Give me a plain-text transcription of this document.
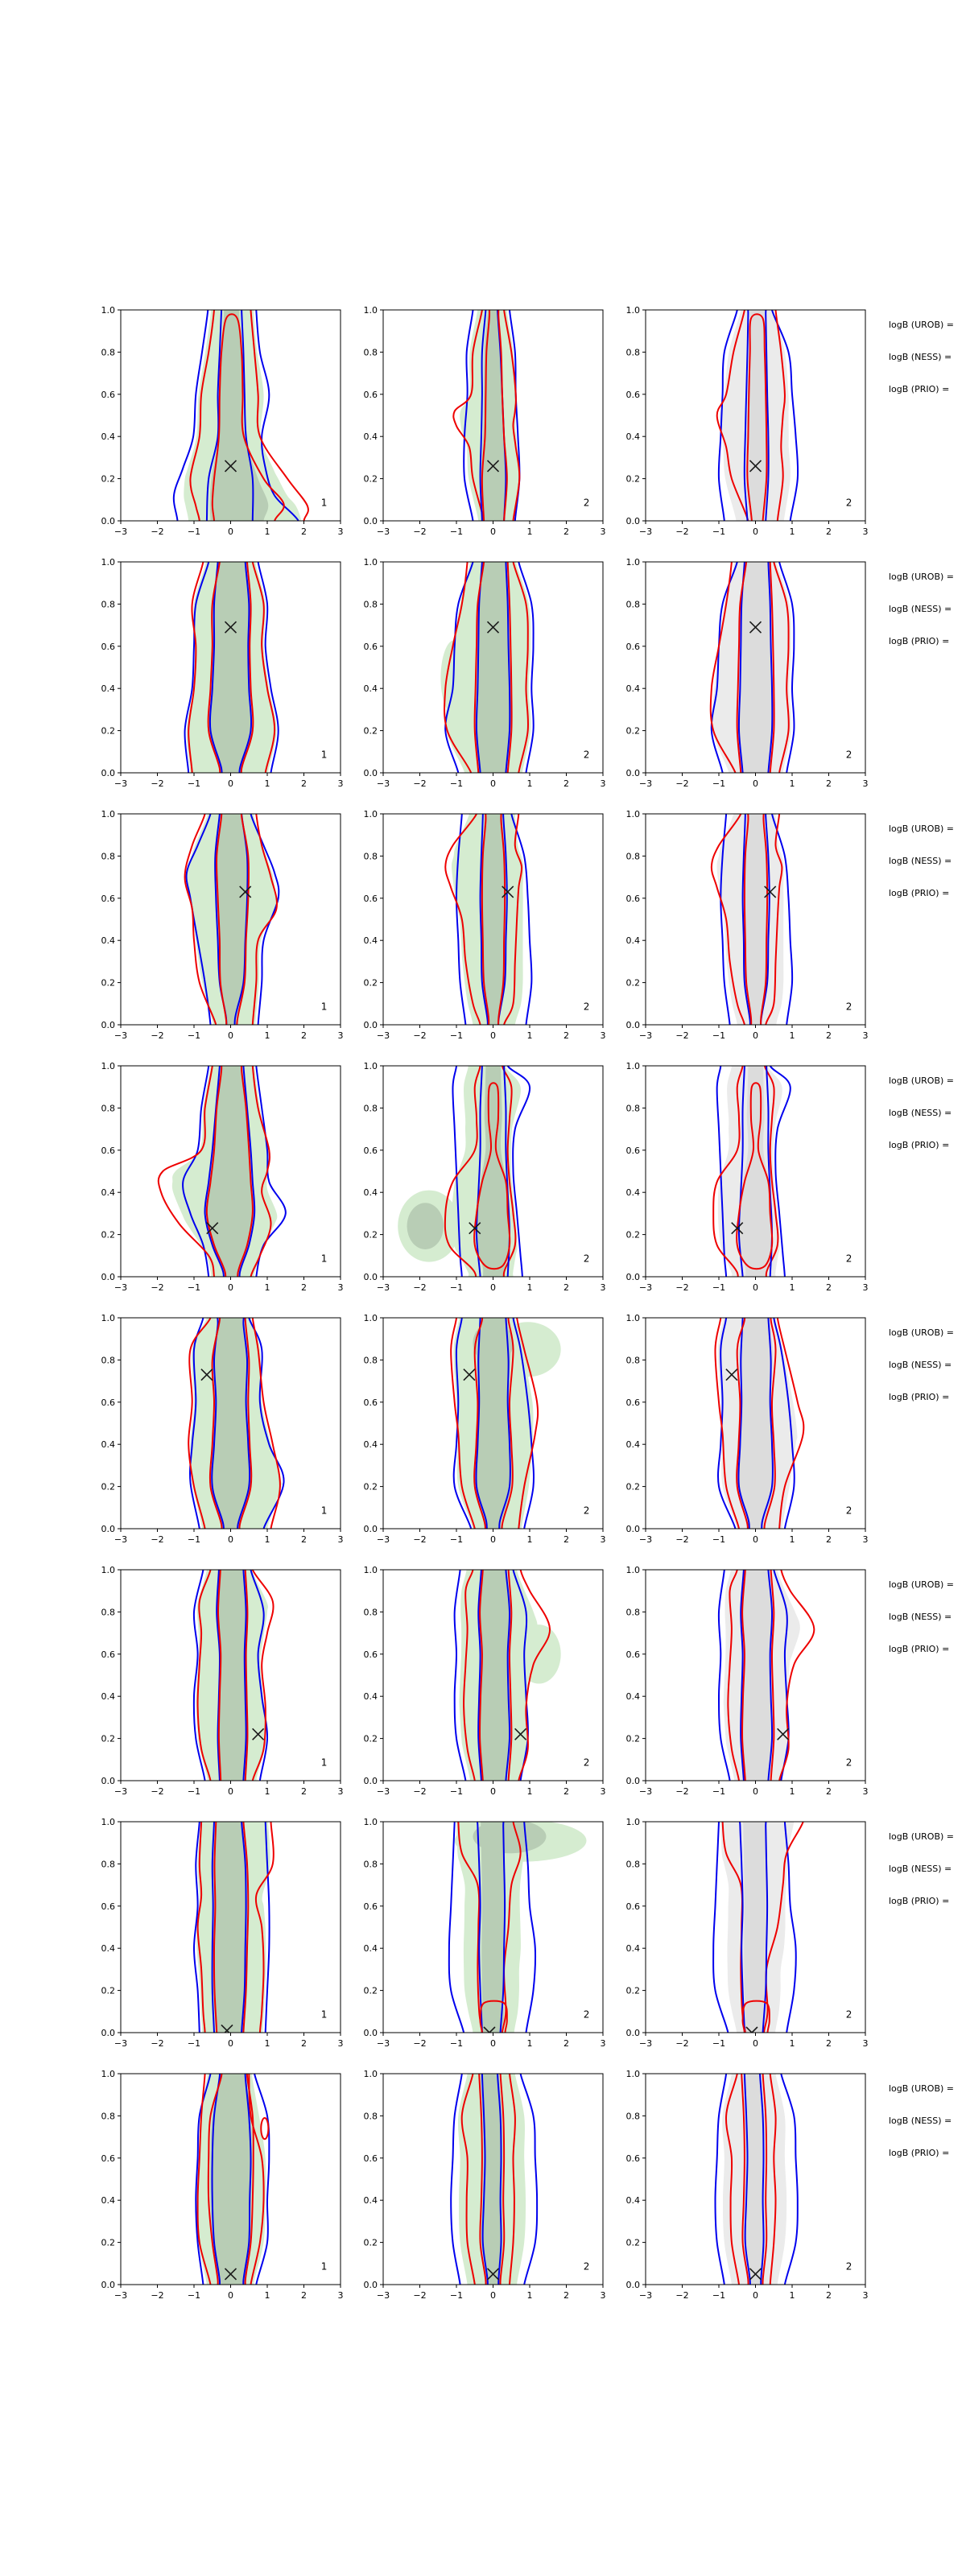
−3	−2	−1	0	1	2	3
0.0
0.2
0.4
0.6
0.8
1.0
1
−3	−2	−1	0	1	2	3
0.0
0.2
0.4
0.6
0.8
1.0
2
−3	−2	−1	0	1	2	3
0.0
0.2
0.4
0.6
0.8
1.0
2
−3	−2	−1	0	1	2	3
0.0
0.2
0.4
0.6
0.8
1.0
1
−3	−2	−1	0	1	2	3
0.0
0.2
0.4
0.6
0.8
1.0
2
−3	−2	−1	0	1	2	3
0.0
0.2
0.4
0.6
0.8
1.0
2
−3	−2	−1	0	1	2	3
0.0
0.2
0.4
0.6
0.8
1.0
1
−3	−2	−1	0	1	2	3
0.0
0.2
0.4
0.6
0.8
1.0
2
−3	−2	−1	0	1	2	3
0.0
0.2
0.4
0.6
0.8
1.0
2
−3	−2	−1	0	1	2	3
0.0
0.2
0.4
0.6
0.8
1.0
1
−3	−2	−1	0	1	2	3
0.0
0.2
0.4
0.6
0.8
1.0
2
−3	−2	−1	0	1	2	3
0.0
0.2
0.4
0.6
0.8
1.0
2
−3	−2	−1	0	1	2	3
0.0
0.2
0.4
0.6
0.8
1.0
1
−3	−2	−1	0	1	2	3
0.0
0.2
0.4
0.6
0.8
1.0
2
−3	−2	−1	0	1	2	3
0.0
0.2
0.4
0.6
0.8
1.0
2
−3	−2	−1	0	1	2	3
0.0
0.2
0.4
0.6
0.8
1.0
1
−3	−2	−1	0	1	2	3
0.0
0.2
0.4
0.6
0.8
1.0
2
−3	−2	−1	0	1	2	3
0.0
0.2
0.4
0.6
0.8
1.0
2
−3	−2	−1	0	1	2	3
0.0
0.2
0.4
0.6
0.8
1.0
1
−3	−2	−1	0	1	2	3
0.0
0.2
0.4
0.6
0.8
1.0
2
−3	−2	−1	0	1	2	3
0.0
0.2
0.4
0.6
0.8
1.0
2
−3	−2	−1	0	1	2	3
0.0
0.2
0.4
0.6
0.8
1.0
1
−3	−2	−1	0	1	2	3
0.0
0.2
0.4
0.6
0.8
1.0
2
−3	−2	−1	0	1	2	3
0.0
0.2
0.4
0.6
0.8
1.0
2
logB (UROB) =
logB (NESS) =
logB (PRIO) =
logB (UROB) =
logB (NESS) =
logB (PRIO) =
logB (UROB) =
logB (NESS) =
logB (PRIO) =
logB (UROB) =
logB (NESS) =
logB (PRIO) =
logB (UROB) =
logB (NESS) =
logB (PRIO) =
logB (UROB) =
logB (NESS) =
logB (PRIO) =
logB (UROB) =
logB (NESS) =
logB (PRIO) =
logB (UROB) =
logB (NESS) =
logB (PRIO) =
